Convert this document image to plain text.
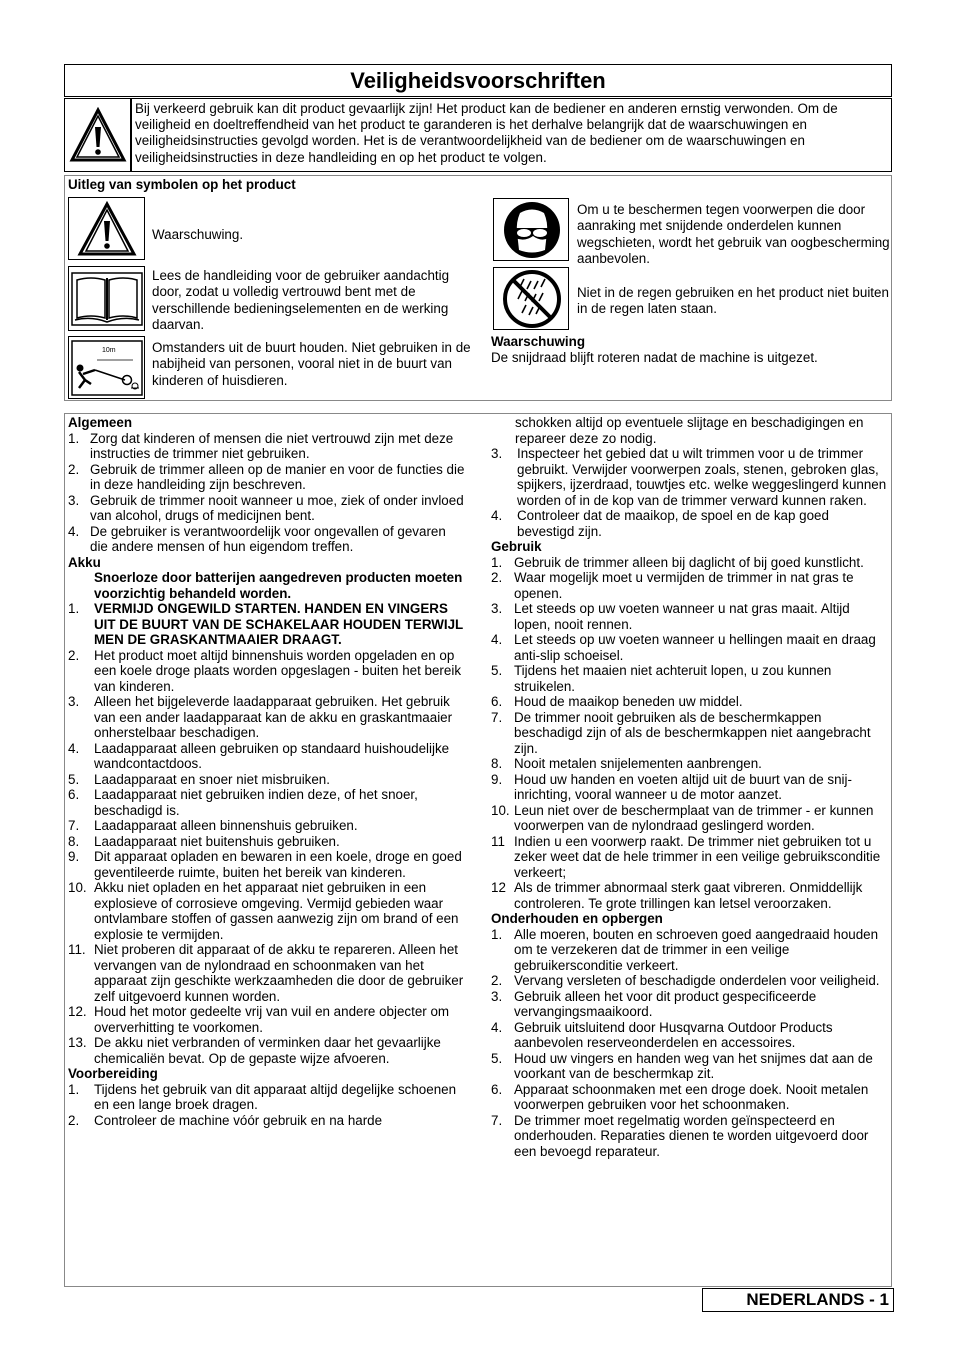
Veiligheidsvoorschriften
Bij verkeerd gebruik kan dit product gevaarlijk zijn! Het product kan de bediener en anderen ernstig verwonden. Om de veiligheid en doeltreffendheid van het product te garanderen is het derhalve belangrijk dat de waarschuwingen en veiligheidsinstructies gevolgd worden. Het is de verantwoordelijkheid van de bediener om de waarschuwingen en veiligheidsinstructies in deze handleiding en op het product te volgen.
Uitleg van symbolen op het product
Waarschuwing.
Lees de handleiding voor de gebruiker aandachtig door, zodat u volledig vertrouwd bent met de verschillende bedieningselementen en de werking daarvan.
10m	Omstanders uit de buurt houden. Niet gebruiken in de nabijheid van personen, vooral niet in de buurt van kinderen of huisdieren.
Om u te beschermen tegen voorwerpen die door aanraking met snijdende onderdelen kunnen wegschieten, wordt het gebruik van oogbescherming aanbevolen.
Niet in de regen gebruiken en het product niet buiten in de regen laten staan.
Waarschuwing
De snijdraad blijft roteren nadat de machine is uitgezet.
Algemeen
1. Zorg dat kinderen of mensen die niet vertrouwd zijn met deze instructies de trimmer niet gebruiken.
2. Gebruik de trimmer alleen op de manier en voor de functies die in deze handleiding zijn beschreven.
3. Gebruik de trimmer nooit wanneer u moe, ziek of onder invloed van alcohol, drugs of medicijnen bent.
4. De gebruiker is verantwoordelijk voor ongevallen of gevaren die andere mensen of hun eigendom treffen.
Akku
Snoerloze door batterijen aangedreven producten moeten voorzichtig behandeld worden.
1.	VERMIJD ONGEWILD STARTEN. HANDEN EN VINGERS UIT DE BUURT VAN DE SCHAKELAAR HOUDEN TERWIJL MEN DE GRASKANTMAAIER DRAAGT.
2.	Het product moet altijd binnenshuis worden opgeladen en op een koele droge plaats worden opgeslagen - buiten het bereik van kinderen.
3.	Alleen het bijgeleverde laadapparaat gebruiken. Het gebruik van een ander laadapparaat kan de akku en graskantmaaier onherstelbaar beschadigen.
4.	Laadapparaat alleen gebruiken op standaard huishoudelijke wandcontactdoos.
5.	Laadapparaat en snoer niet misbruiken.
6.	Laadapparaat niet gebruiken indien deze, of het snoer, beschadigd is.
7.	Laadapparaat alleen binnenshuis gebruiken.
8.	Laadapparaat niet buitenshuis gebruiken.
9.	Dit apparaat opladen en bewaren in een koele, droge en goed geventileerde ruimte, buiten het bereik van kinderen.
10. Akku niet opladen en het apparaat niet gebruiken in een explosieve of corrosieve omgeving. Vermijd gebieden waar ontvlambare stoffen of gassen aanwezig zijn om brand of een explosie te vermijden.
11. Niet proberen dit apparaat of de akku te repareren. Alleen het vervangen van de nylondraad en schoonmaken van het apparaat zijn geschikte werkzaamheden die door de gebruiker zelf uitgevoerd kunnen worden.
12. Houd het motor gedeelte vrij van vuil en andere objecter om oververhitting te voorkomen.
13. De akku niet verbranden of verminken daar het gevaarlijke chemicaliën bevat. Op de gepaste wijze afvoeren.
Voorbereiding
1.	Tijdens het gebruik van dit apparaat altijd degelijke schoenen en een lange broek dragen.
2.	Controleer de machine vóór gebruik en na harde
schokken altijd op eventuele slijtage en beschadigingen en repareer deze zo nodig.
3.	Inspecteer het gebied dat u wilt trimmen voor u de trimmer gebruikt. Verwijder voorwerpen zoals, stenen, gebroken glas, spijkers, ijzerdraad, touwtjes etc. welke weggeslingerd kunnen worden of in de kop van de trimmer verward kunnen raken.
4.	Controleer dat de maaikop, de spoel en de kap goed bevestigd zijn.
Gebruik
1. Gebruik de trimmer alleen bij daglicht of bij goed kunstlicht.
2. Waar mogelijk moet u vermijden de trimmer in nat gras te openen.
3. Let steeds op uw voeten wanneer u nat gras maait. Altijd lopen, nooit rennen.
4. Let steeds op uw voeten wanneer u hellingen maait en draag anti-slip schoeisel.
5. Tijdens het maaien niet achteruit lopen, u zou kunnen struikelen.
6. Houd de maaikop beneden uw middel.
7. De trimmer nooit gebruiken als de beschermkappen beschadigd zijn of als de beschermkappen niet aangebracht zijn.
8. Nooit metalen snijelementen aanbrengen.
9. Houd uw handen en voeten altijd uit de buurt van de snij-inrichting, vooral wanneer u de motor aanzet.
10. Leun niet over de beschermplaat van de trimmer - er kunnen voorwerpen van de nylondraad geslingerd worden.
11 Indien u een voorwerp raakt. De trimmer niet gebruiken tot u zeker weet dat de hele trimmer in een veilige gebruiksconditie verkeert;
12 Als de trimmer abnormaal sterk gaat vibreren. Onmiddellijk controleren. Te grote trillingen kan letsel veroorzaken.
Onderhouden en opbergen
1. Alle moeren, bouten en schroeven goed aangedraaid houden om te verzekeren dat de trimmer in een veilige gebruikersconditie verkeert.
2. Vervang versleten of beschadigde onderdelen voor veiligheid.
3. Gebruik alleen het voor dit product gespecificeerde vervangingsmaaikoord.
4. Gebruik uitsluitend door Husqvarna Outdoor Products aanbevolen reserveonderdelen en accessoires.
5. Houd uw vingers en handen weg van het snijmes dat aan de voorkant van de beschermkap zit.
6. Apparaat schoonmaken met een droge doek. Nooit metalen voorwerpen gebruiken voor het schoonmaken.
7. De trimmer moet regelmatig worden geïnspecteerd en onderhouden. Reparaties dienen te worden uitgevoerd door een bevoegd reparateur.
NEDERLANDS - 1
